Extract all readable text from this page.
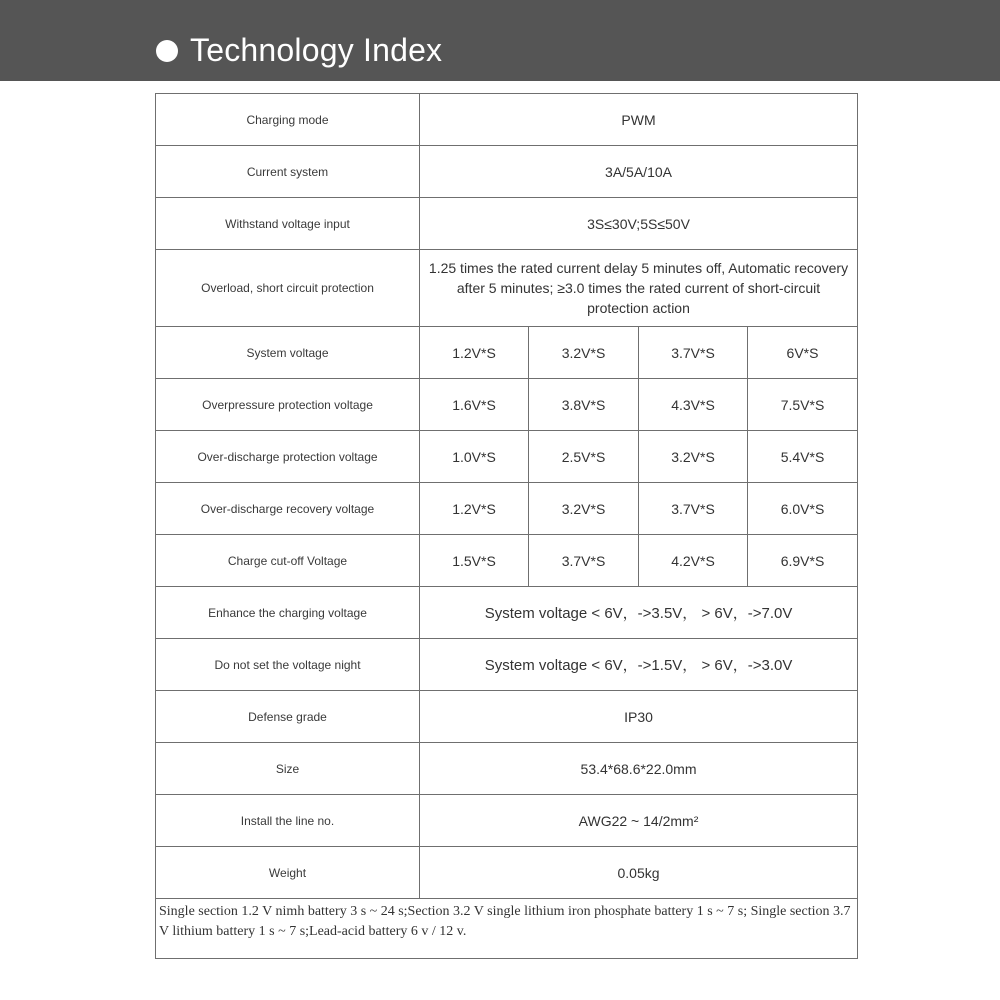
Technology Index
Charging mode	PWM			
Current system	3A/5A/10A			
Withstand voltage input	3S≤30V;5S≤50V			
Overload, short circuit protection	1.25 times the rated current delay 5 minutes off, Automatic recovery after 5 minutes; ≥3.0 times the rated current of short-circuit protection action			
System voltage	1.2V*S	3.2V*S	3.7V*S	6V*S
Overpressure protection voltage	1.6V*S	3.8V*S	4.3V*S	7.5V*S
Over-discharge protection voltage	1.0V*S	2.5V*S	3.2V*S	5.4V*S
Over-discharge recovery voltage	1.2V*S	3.2V*S	3.7V*S	6.0V*S
Charge cut-off Voltage	1.5V*S	3.7V*S	4.2V*S	6.9V*S
Enhance the charging voltage	System voltage < 6V，->3.5V， > 6V，->7.0V			
Do not set the voltage night	System voltage < 6V，->1.5V， > 6V，->3.0V			
Defense grade	IP30			
Size	53.4*68.6*22.0mm			
Install the line no.	AWG22 ~ 14/2mm²			
Weight	0.05kg			
Single section 1.2 V nimh battery 3 s ~ 24 s;Section 3.2 V single lithium iron phosphate battery 1 s ~ 7 s; Single section 3.7 V lithium battery 1 s ~ 7 s;Lead-acid battery 6 v / 12 v.				
